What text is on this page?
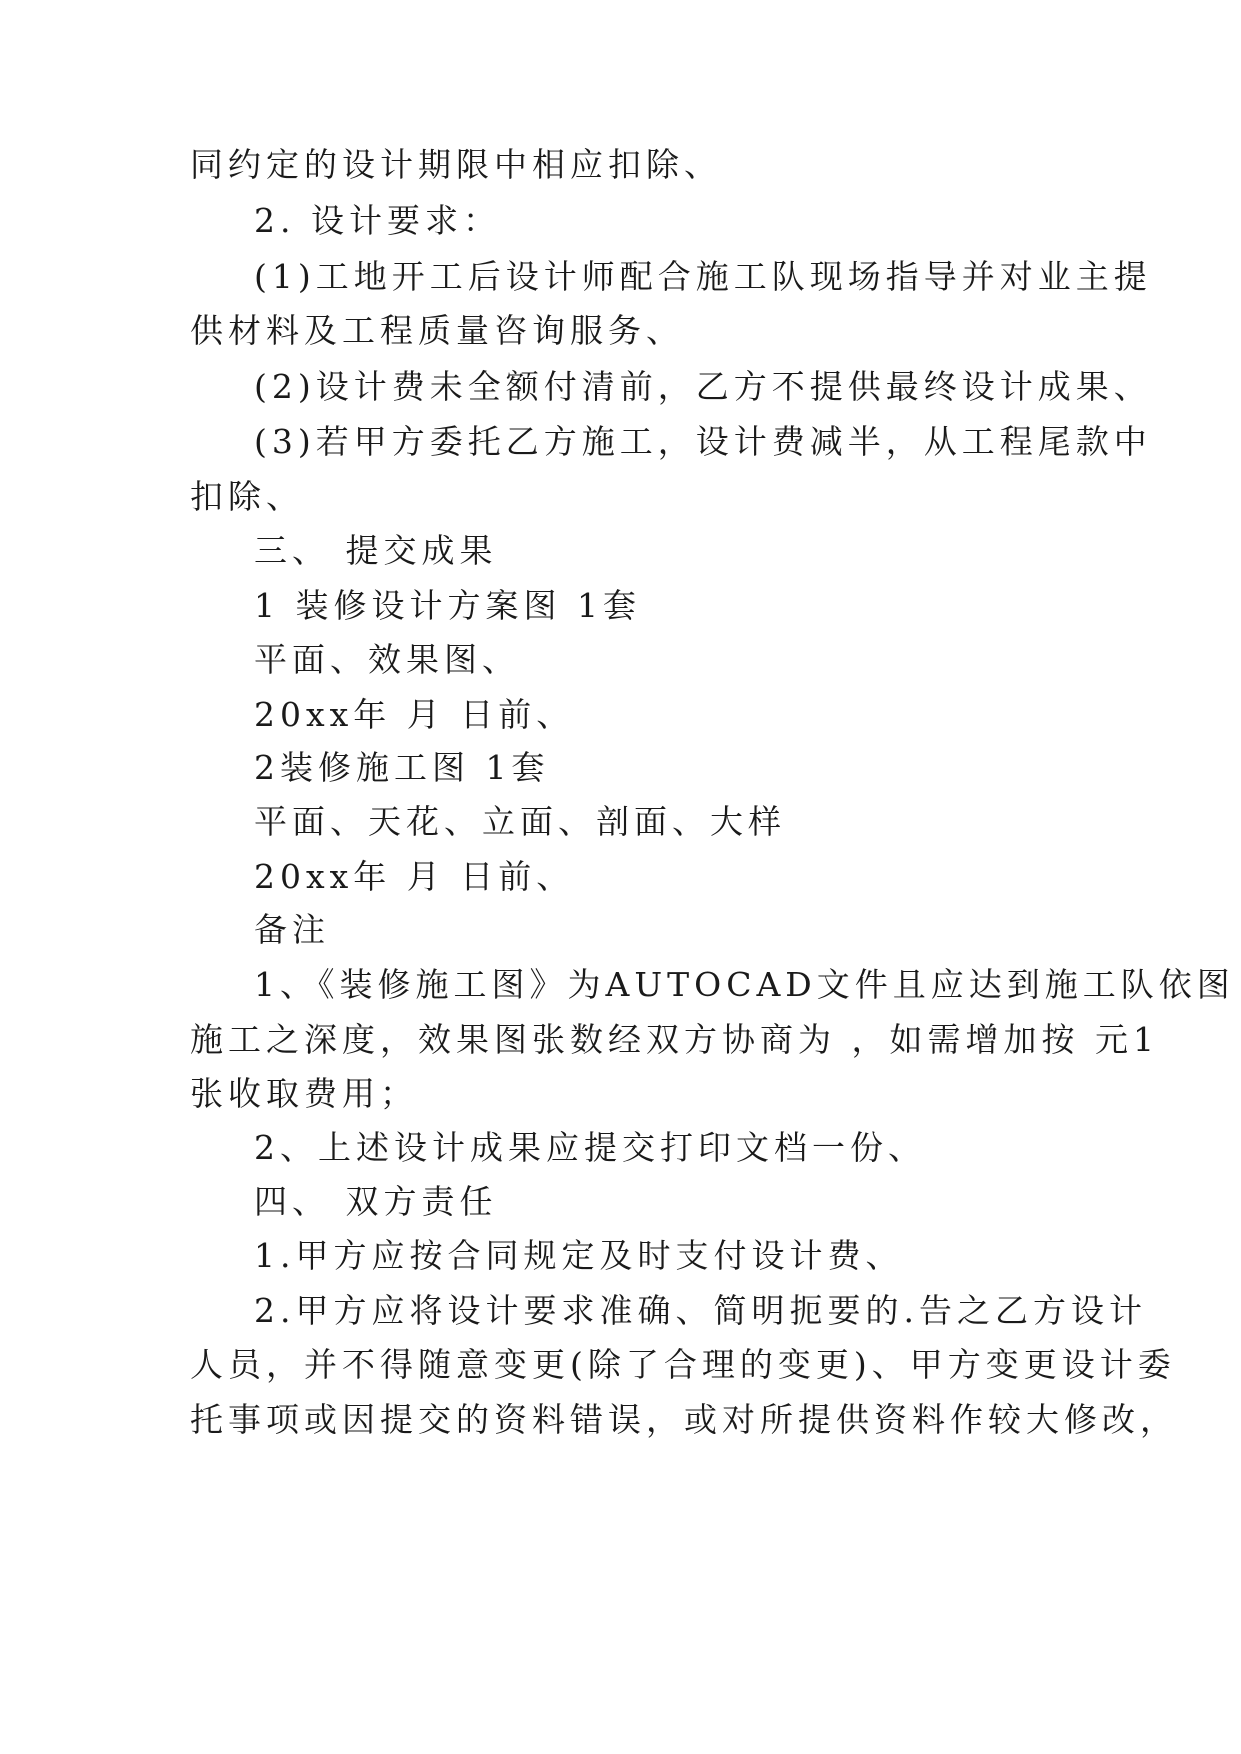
同约定的设计期限中相应扣除、
2. 设计要求：
(1)工地开工后设计师配合施工队现场指导并对业主提
供材料及工程质量咨询服务、
(2)设计费未全额付清前，乙方不提供最终设计成果、
(3)若甲方委托乙方施工，设计费减半，从工程尾款中
扣除、
三、 提交成果
1 装修设计方案图 1套
平面、效果图、
20xx年 月 日前、
2装修施工图 1套
平面、天花、立面、剖面、大样
20xx年 月 日前、
备注
1、《装修施工图》为AUTOCAD文件且应达到施工队依图
施工之深度，效果图张数经双方协商为 ，如需增加按 元1
张收取费用；
2、上述设计成果应提交打印文档一份、
四、 双方责任
1.甲方应按合同规定及时支付设计费、
2.甲方应将设计要求准确、简明扼要的.告之乙方设计
人员，并不得随意变更(除了合理的变更)、甲方变更设计委
托事项或因提交的资料错误，或对所提供资料作较大修改，
